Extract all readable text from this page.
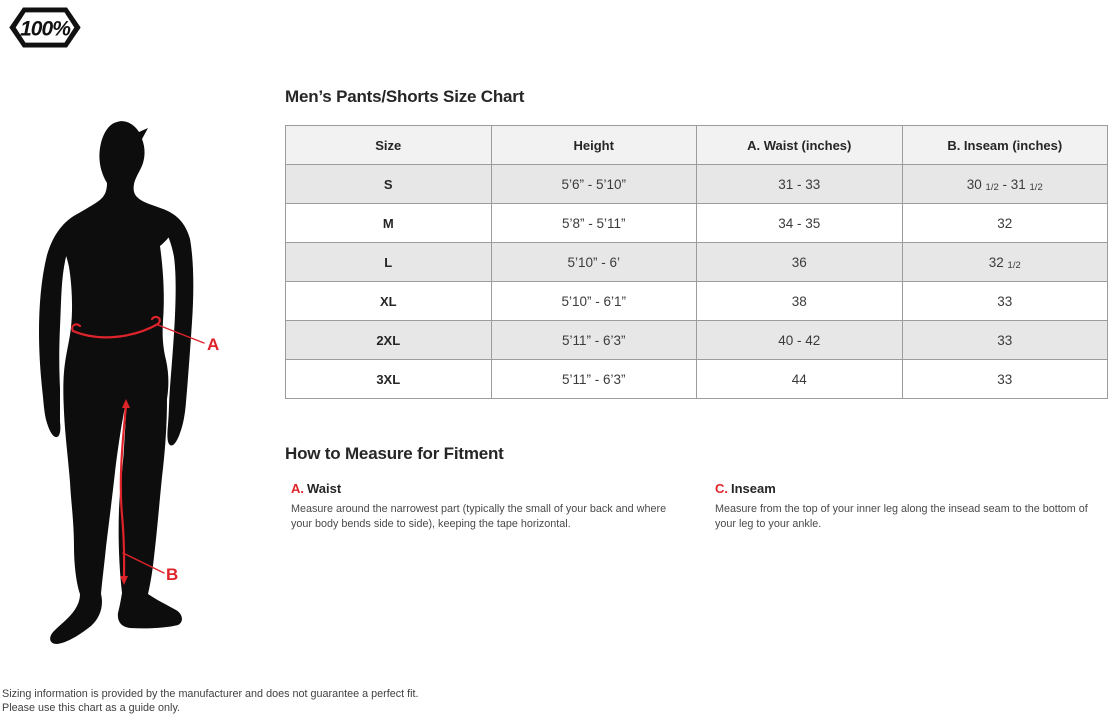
100%
A
B
Men’s Pants/Shorts Size Chart
Size	Height	A. Waist (inches)	B. Inseam (inches)
S	5’6” - 5’10”	31 - 33	30 1/2 - 31 1/2
M	5’8” - 5’11”	34 - 35	32
L	5’10” - 6’	36	32 1/2
XL	5’10” - 6’1”	38	33
2XL	5’11” - 6’3”	40 - 42	33
3XL	5’11” - 6’3”	44	33
How to Measure for Fitment

A. Waist

Measure around the narrowest part (typically the small of your back and where your body bends side to side), keeping the tape horizontal.

C. Inseam

Measure from the top of your inner leg along the insead seam to the bottom of your leg to your ankle.

Sizing information is provided by the manufacturer and does not guarantee a perfect fit.
Please use this chart as a guide only.
